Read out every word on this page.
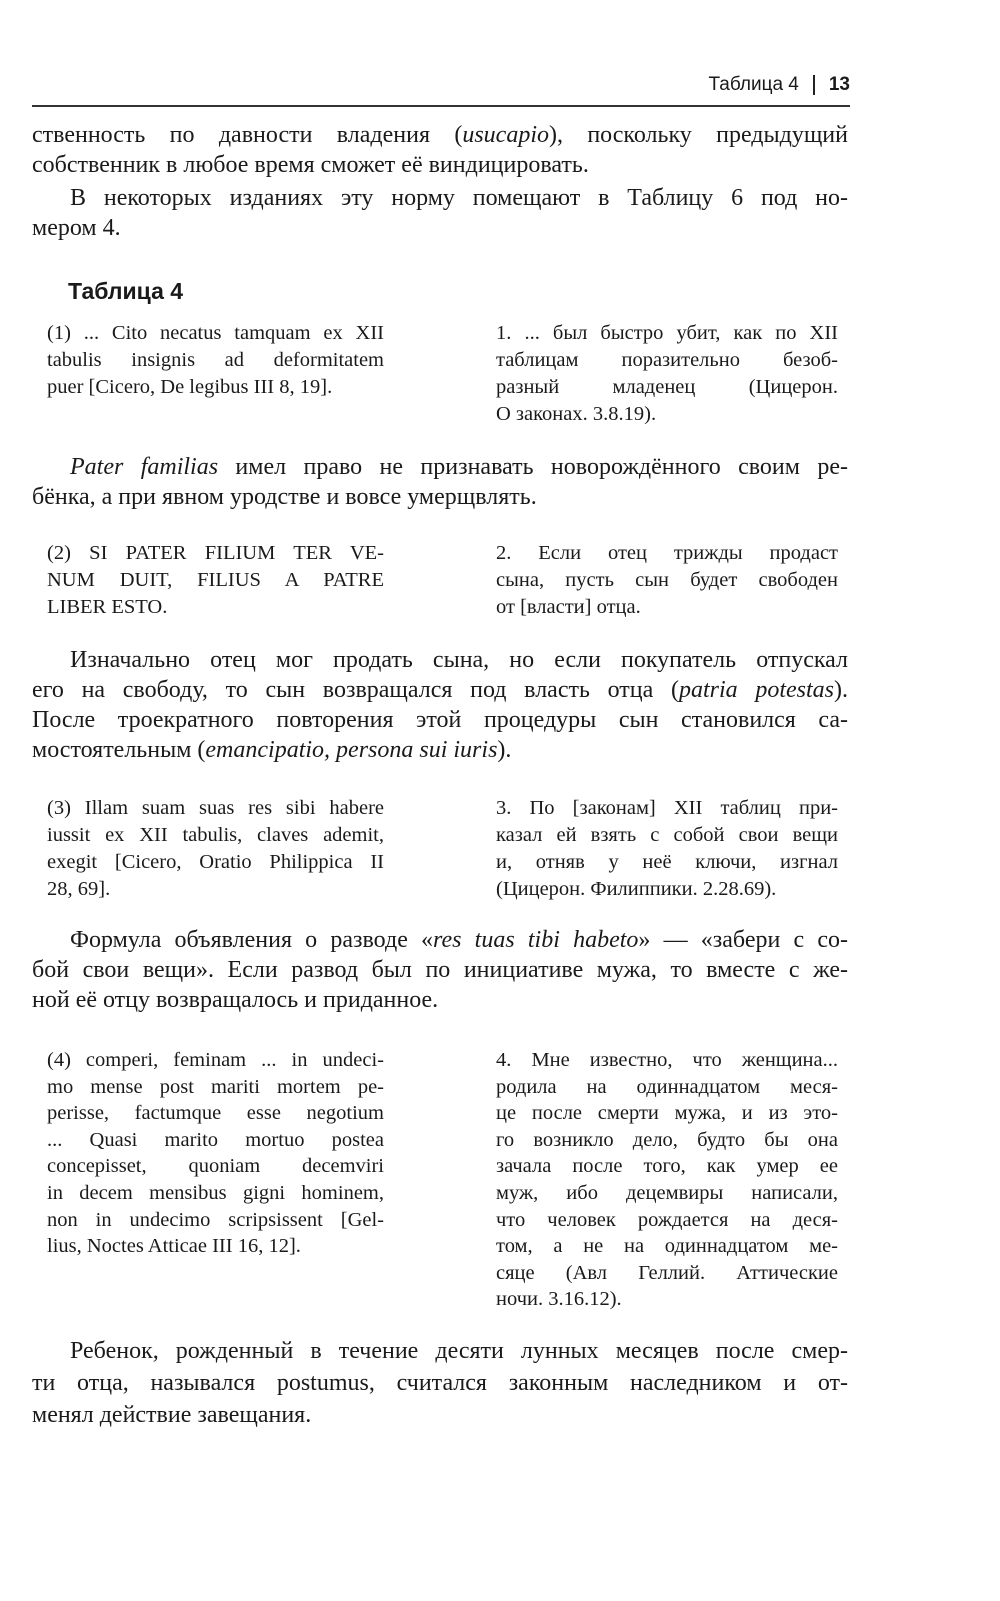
Таблица 4 13
ственность по давности владения (usucapio), поскольку предыдущий
собственник в любое время сможет её виндицировать.
В некоторых изданиях эту норму помещают в Таблицу 6 под но-
мером 4.
Таблица 4
(1) ... Cito necatus tamquam ex XII
tabulis insignis ad deformitatem
puer [Cicero, De legibus III 8, 19].
1. ... был быстро убит, как по XII
таблицам поразительно безоб-
разный младенец (Цицерон.
О законах. 3.8.19).
Pater familias имел право не признавать новорождённого своим ре-
бёнка, а при явном уродстве и вовсе умерщвлять.
(2) SI PATER FILIUM TER VE-
NUM DUIT, FILIUS A PATRE
LIBER ESTO.
2. Если отец трижды продаст
сына, пусть сын будет свободен
от [власти] отца.
Изначально отец мог продать сына, но если покупатель отпускал
его на свободу, то сын возвращался под власть отца (patria potestas).
После троекратного повторения этой процедуры сын становился са-
мостоятельным (emancipatio, persona sui iuris).
(3) Illam suam suas res sibi habere
iussit ex XII tabulis, claves ademit,
exegit [Cicero, Oratio Philippica II
28, 69].
3. По [законам] XII таблиц при-
казал ей взять с собой свои вещи
и, отняв у неё ключи, изгнал
(Цицерон. Филиппики. 2.28.69).
Формула объявления о разводе «res tuas tibi habeto» — «забери с со-
бой свои вещи». Если развод был по инициативе мужа, то вместе с же-
ной её отцу возвращалось и приданное.
(4) comperi, feminam ... in undeci-
mo mense post mariti mortem pe-
perisse, factumque esse negotium
... Quasi marito mortuo postea
concepisset, quoniam decemviri
in decem mensibus gigni hominem,
non in undecimo scripsissent [Gel-
lius, Noctes Atticae III 16, 12].
4. Мне известно, что женщина...
родила на одиннадцатом меся-
це после смерти мужа, и из это-
го возникло дело, будто бы она
зачала после того, как умер ее
муж, ибо децемвиры написали,
что человек рождается на деся-
том, а не на одиннадцатом ме-
сяце (Авл Геллий. Аттические
ночи. 3.16.12).
Ребенок, рожденный в течение десяти лунных месяцев после смер-
ти отца, назывался postumus, считался законным наследником и от-
менял действие завещания.
